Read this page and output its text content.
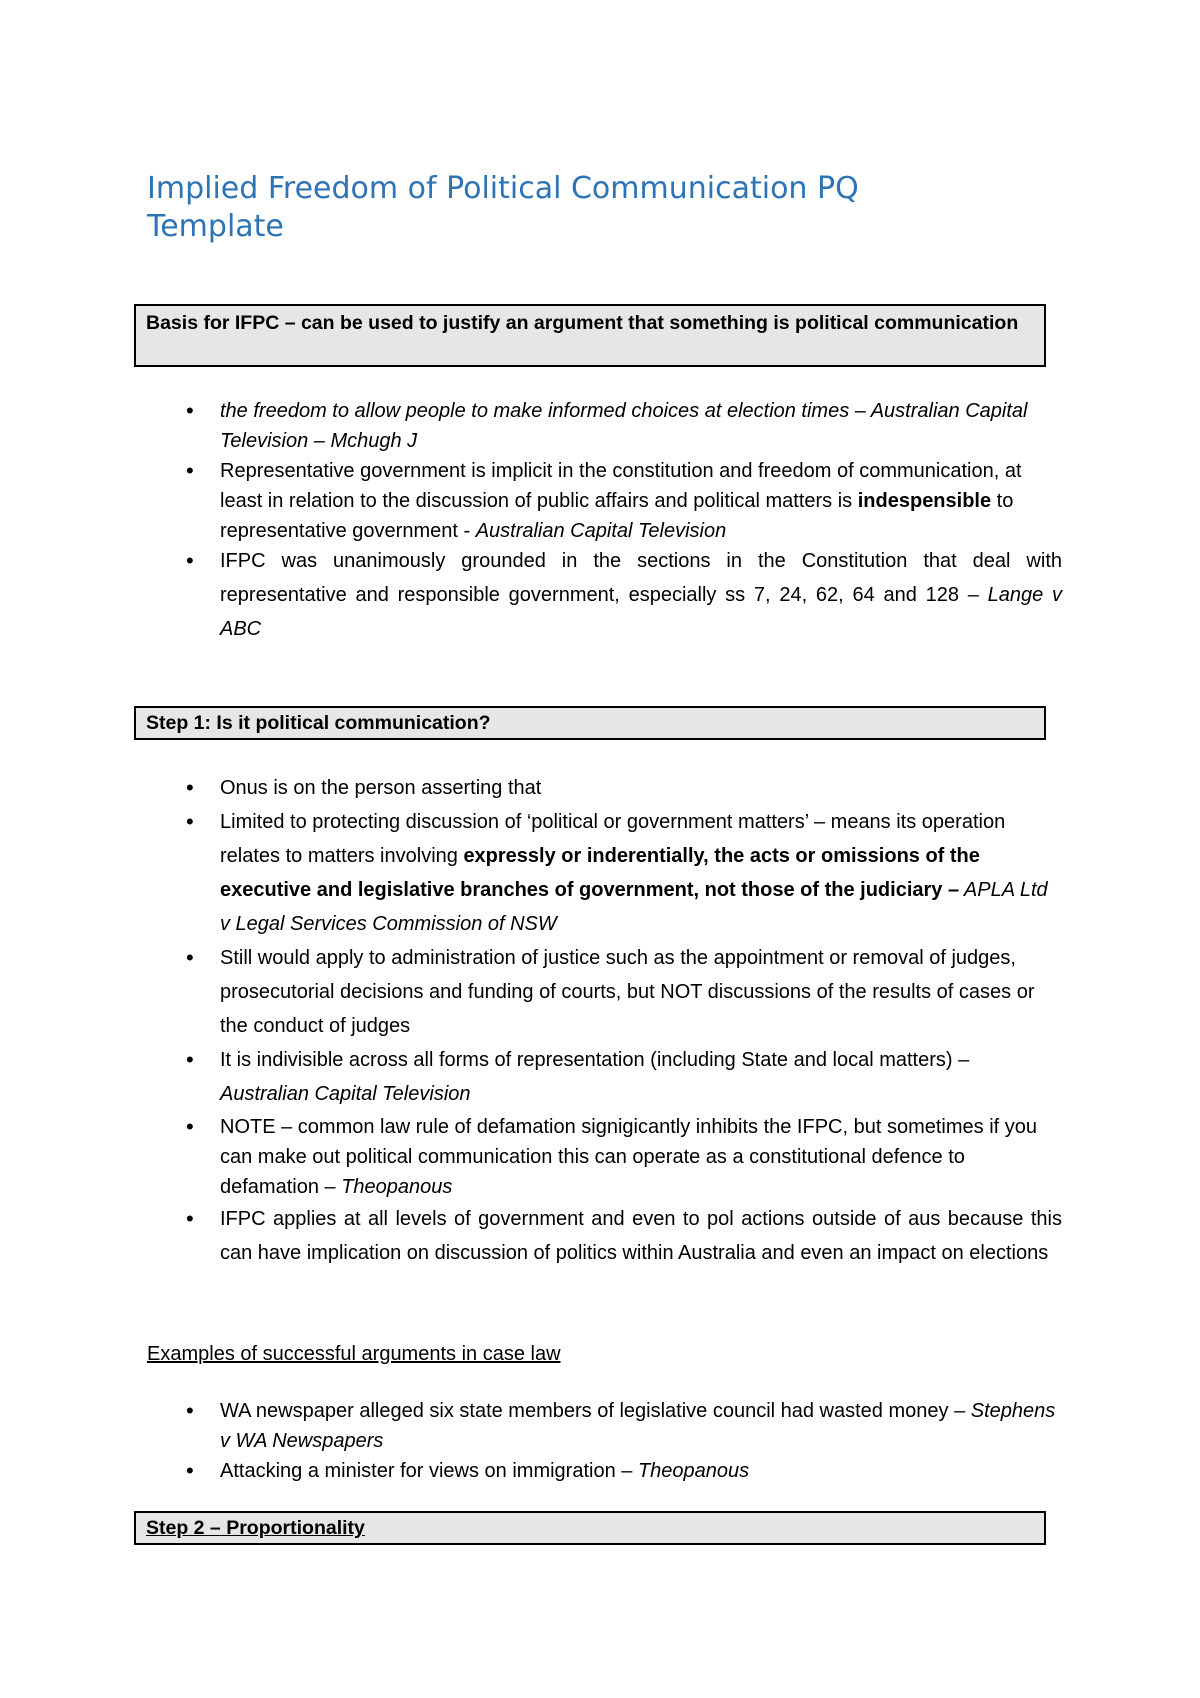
Implied Freedom of Political Communication PQ Template
Basis for IFPC – can be used to justify an argument that something is political communication
• the freedom to allow people to make informed choices at election times – Australian Capital Television – Mchugh J
• Representative government is implicit in the constitution and freedom of communication, at least in relation to the discussion of public affairs and political matters is indespensible to representative government - Australian Capital Television
• IFPC was unanimously grounded in the sections in the Constitution that deal with representative and responsible government, especially ss 7, 24, 62, 64 and 128 – Lange v ABC
Step 1: Is it political communication?
• Onus is on the person asserting that
• Limited to protecting discussion of ‘political or government matters’ – means its operation relates to matters involving expressly or inderentially, the acts or omissions of the executive and legislative branches of government, not those of the judiciary – APLA Ltd v Legal Services Commission of NSW
• Still would apply to administration of justice such as the appointment or removal of judges, prosecutorial decisions and funding of courts, but NOT discussions of the results of cases or the conduct of judges
• It is indivisible across all forms of representation (including State and local matters) – Australian Capital Television
• NOTE – common law rule of defamation signigicantly inhibits the IFPC, but sometimes if you can make out political communication this can operate as a constitutional defence to defamation – Theopanous
• IFPC applies at all levels of government and even to pol actions outside of aus because this can have implication on discussion of politics within Australia and even an impact on elections

Examples of successful arguments in case law

• WA newspaper alleged six state members of legislative council had wasted money – Stephens v WA Newspapers
• Attacking a minister for views on immigration – Theopanous
Step 2 – Proportionality
